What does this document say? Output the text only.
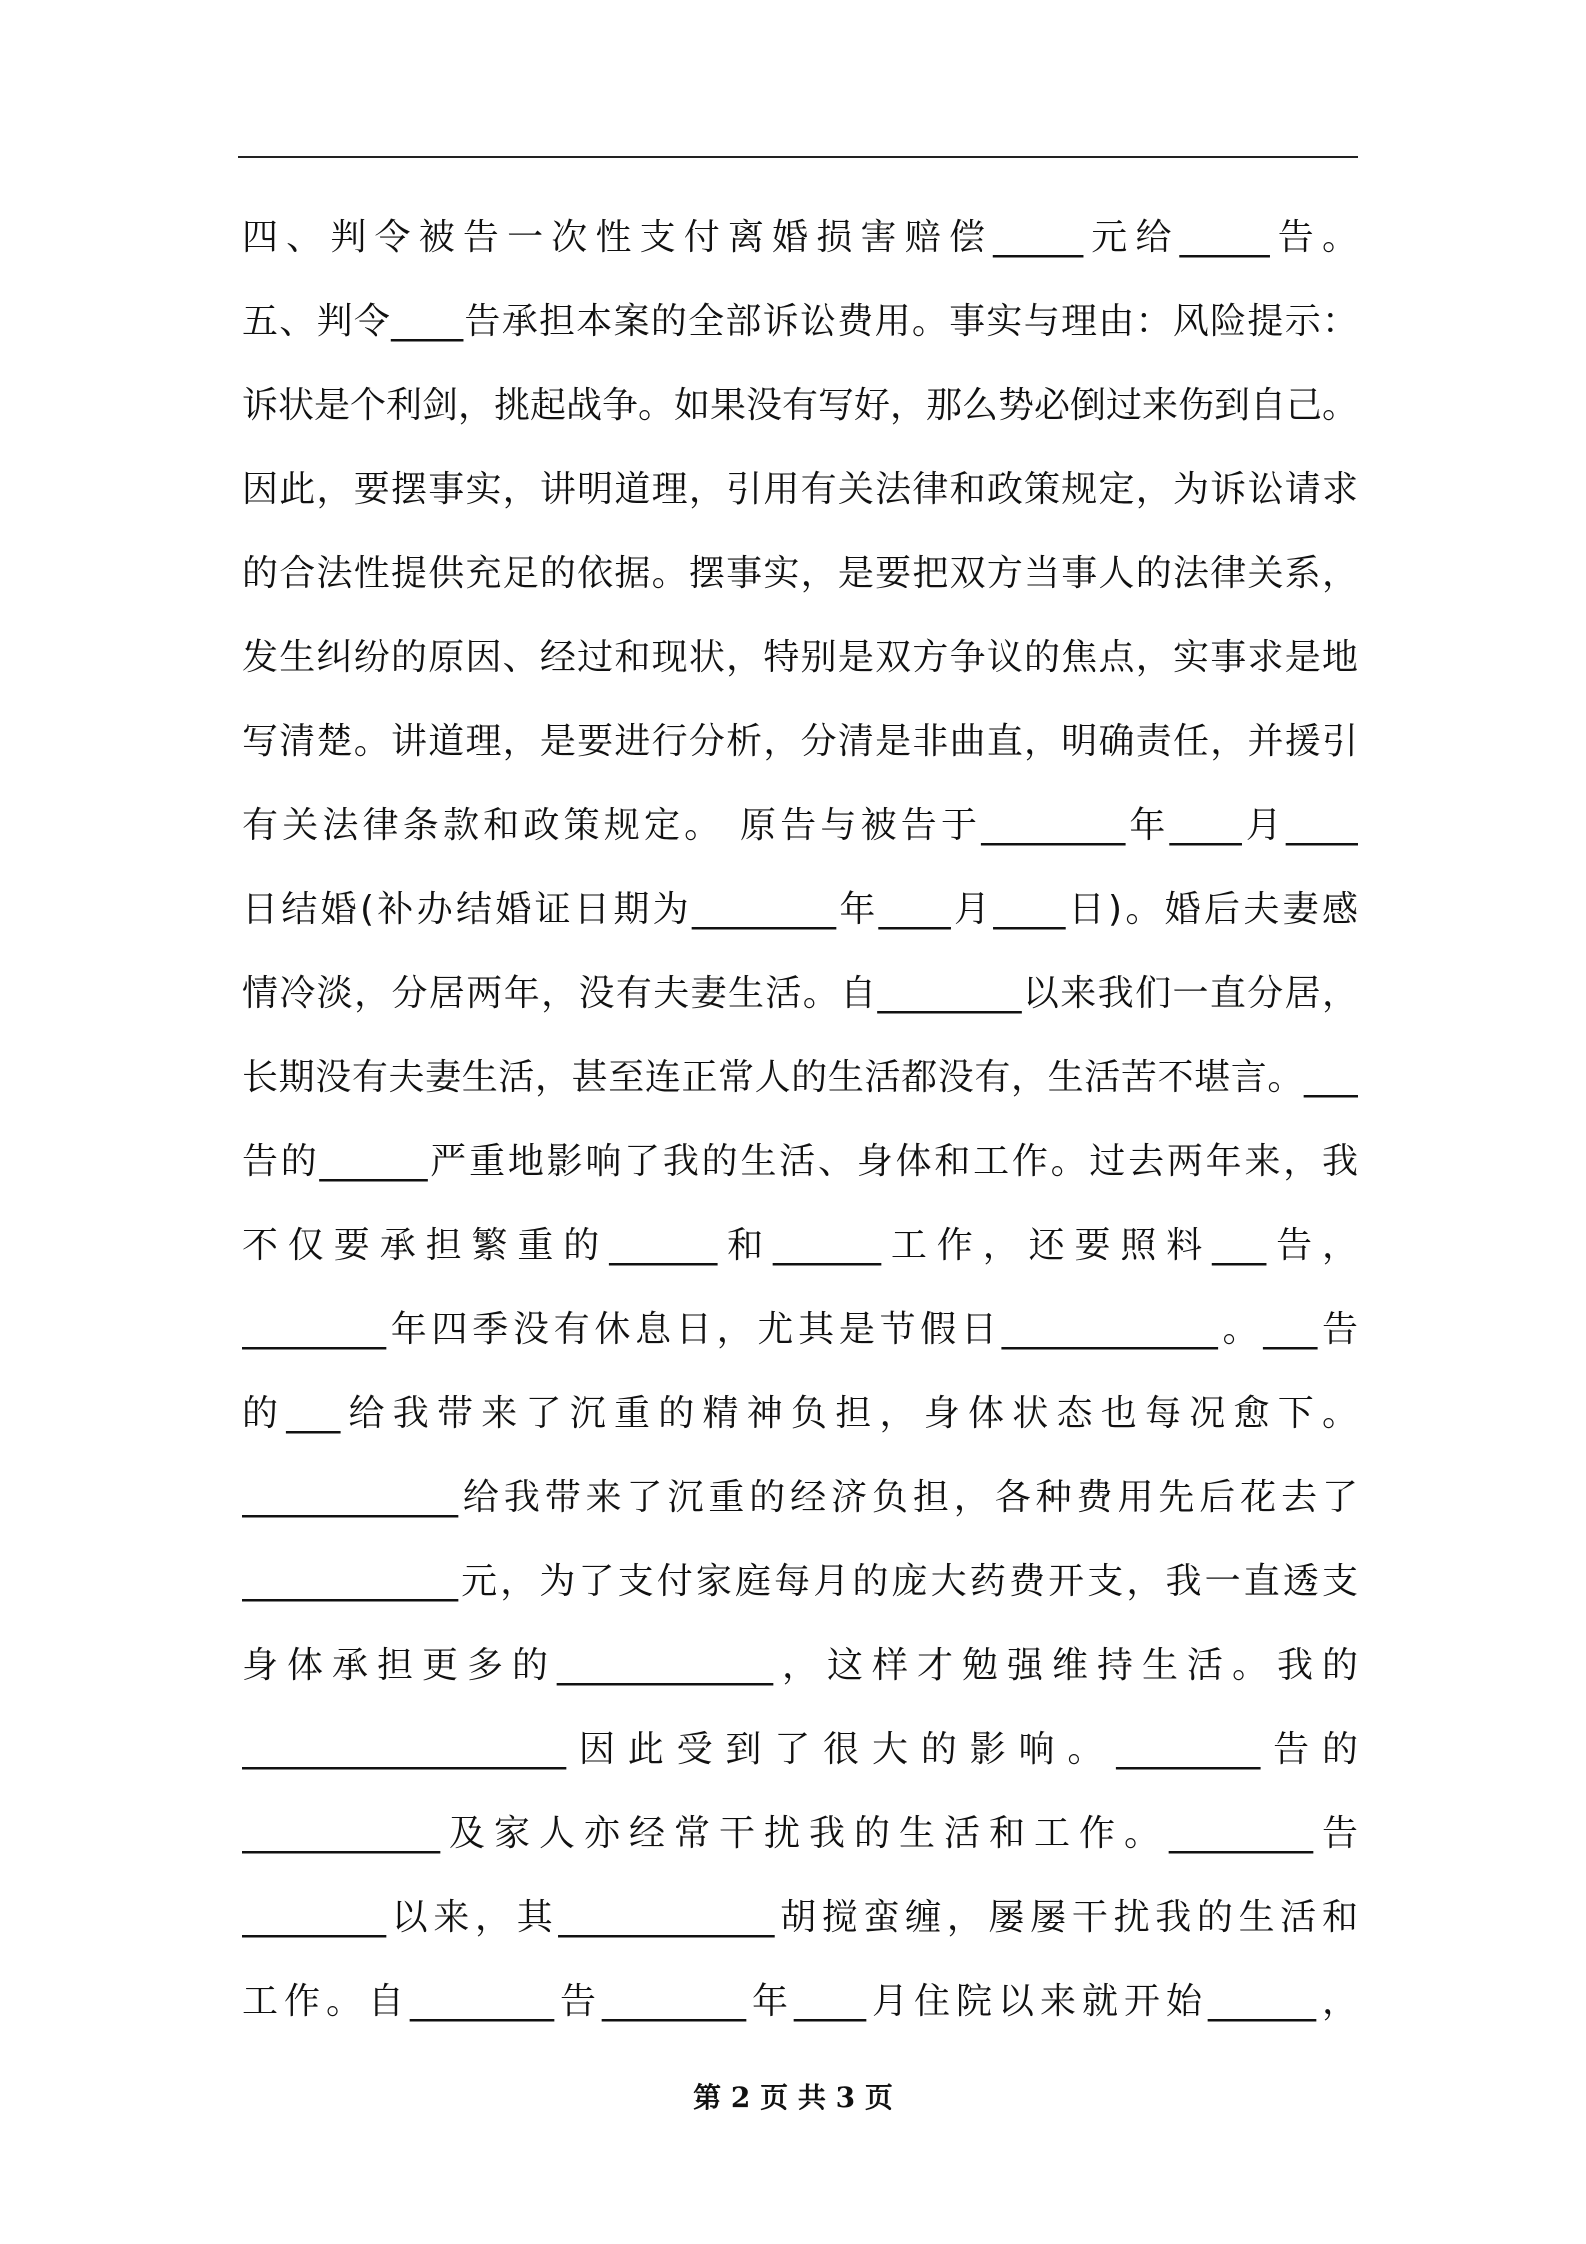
四、判令被告一次性支付离婚损害赔偿_____元给_____告。
五、判令____告承担本案的全部诉讼费用。事实与理由：风险提示：
诉状是个利剑，挑起战争。如果没有写好，那么势必倒过来伤到自己。
因此，要摆事实，讲明道理，引用有关法律和政策规定，为诉讼请求
的合法性提供充足的依据。摆事实，是要把双方当事人的法律关系，
发生纠纷的原因、经过和现状，特别是双方争议的焦点，实事求是地
写清楚。讲道理，是要进行分析，分清是非曲直，明确责任，并援引
有关法律条款和政策规定。 原告与被告于________年____月____
日结婚(补办结婚证日期为________年____月____日)。婚后夫妻感
情冷淡，分居两年，没有夫妻生活。自________以来我们一直分居，
长期没有夫妻生活，甚至连正常人的生活都没有，生活苦不堪言。___
告的______严重地影响了我的生活、身体和工作。过去两年来，我
不仅要承担繁重的______和______工作，还要照料___告，
________年四季没有休息日，尤其是节假日____________。___告
的___给我带来了沉重的精神负担，身体状态也每况愈下。
____________给我带来了沉重的经济负担，各种费用先后花去了
____________元，为了支付家庭每月的庞大药费开支，我一直透支
身体承担更多的____________，这样才勉强维持生活。我的
__________________因此受到了很大的影响。________告的
___________及家人亦经常干扰我的生活和工作。________告
________以来，其____________胡搅蛮缠，屡屡干扰我的生活和
工作。自________告________年____月住院以来就开始______，
第 2 页 共 3 页
